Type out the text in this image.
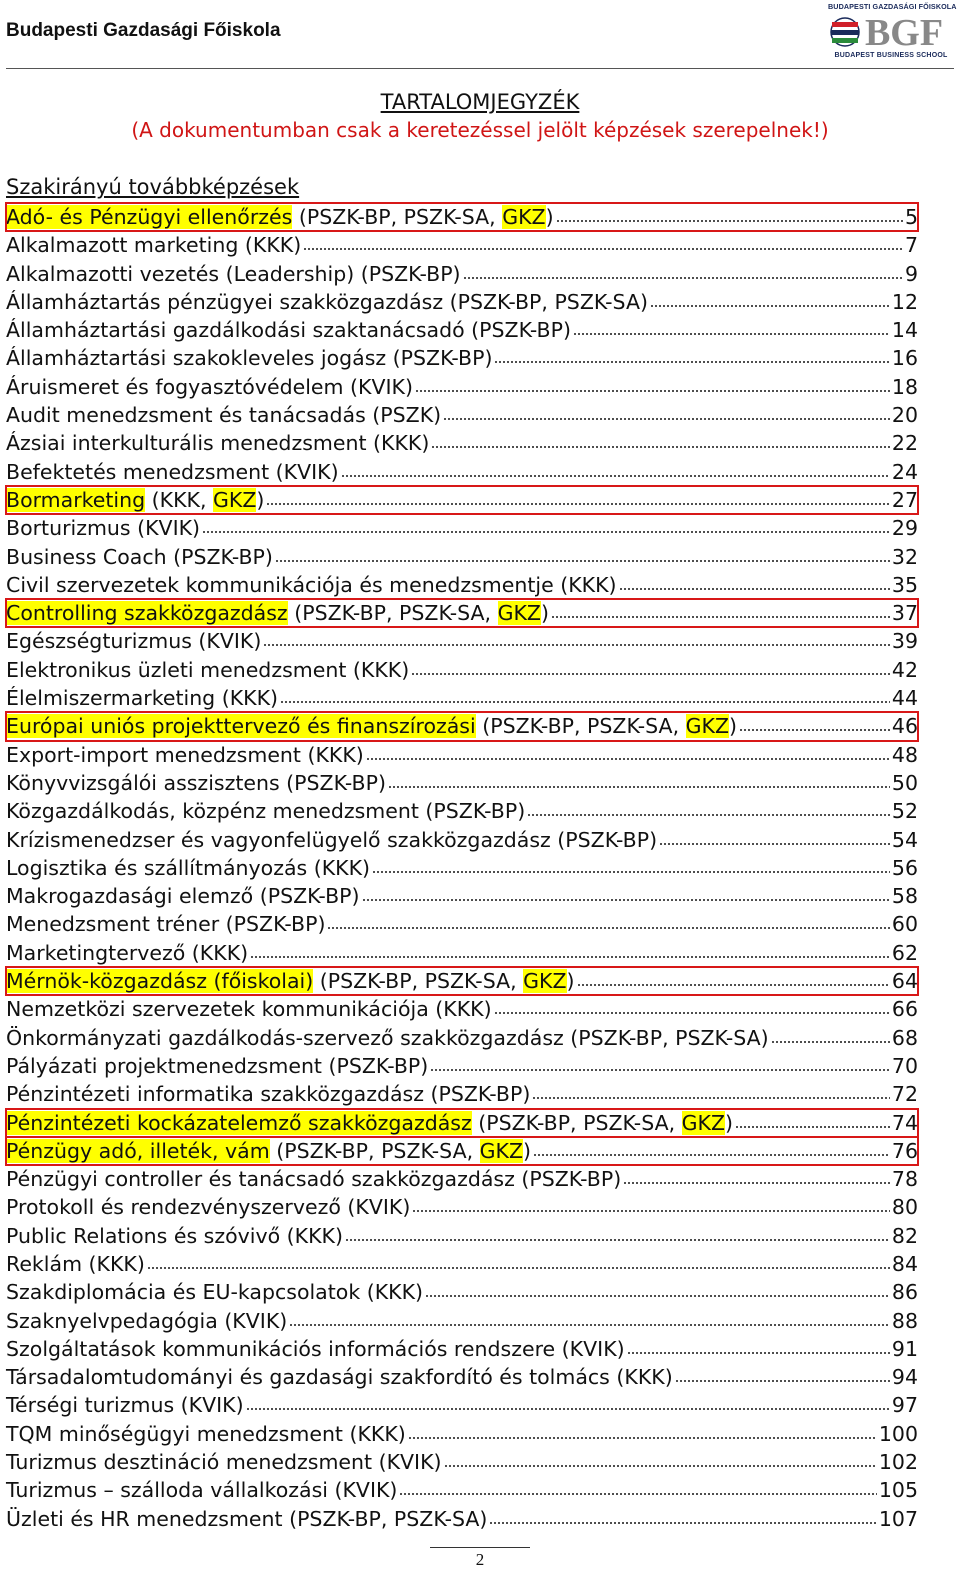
Budapesti Gazdasági Főiskola
BUDAPESTI GAZDASÁGI FŐISKOLA
BGF
BUDAPEST BUSINESS SCHOOL
TARTALOMJEGYZÉK
(A dokumentumban csak a keretezéssel jelölt képzések szerepelnek!)
Szakirányú továbbképzések
Adó- és Pénzügyi ellenőrzés (PSZK-BP, PSZK-SA, GKZ)	5
Alkalmazott marketing (KKK)	7
Alkalmazotti vezetés (Leadership) (PSZK-BP)	9
Államháztartás pénzügyei szakközgazdász (PSZK-BP, PSZK-SA)	12
Államháztartási gazdálkodási szaktanácsadó (PSZK-BP)	14
Államháztartási szakokleveles jogász (PSZK-BP)	16
Áruismeret és fogyasztóvédelem (KVIK)	18
Audit menedzsment és tanácsadás (PSZK)	20
Ázsiai interkulturális menedzsment (KKK)	22
Befektetés menedzsment (KVIK)	24
Bormarketing (KKK, GKZ)	27
Borturizmus (KVIK)	29
Business Coach (PSZK-BP)	32
Civil szervezetek kommunikációja és menedzsmentje (KKK)	35
Controlling szakközgazdász (PSZK-BP, PSZK-SA, GKZ)	37
Egészségturizmus (KVIK)	39
Elektronikus üzleti menedzsment (KKK)	42
Élelmiszermarketing (KKK)	44
Európai uniós projekttervező és finanszírozási (PSZK-BP, PSZK-SA, GKZ)	46
Export-import menedzsment (KKK)	48
Könyvvizsgálói asszisztens (PSZK-BP)	50
Közgazdálkodás, közpénz menedzsment (PSZK-BP)	52
Krízismenedzser és vagyonfelügyelő szakközgazdász (PSZK-BP)	54
Logisztika és szállítmányozás (KKK)	56
Makrogazdasági elemző (PSZK-BP)	58
Menedzsment tréner (PSZK-BP)	60
Marketingtervező (KKK)	62
Mérnök-közgazdász (főiskolai) (PSZK-BP, PSZK-SA, GKZ)	64
Nemzetközi szervezetek kommunikációja (KKK)	66
Önkormányzati gazdálkodás-szervező szakközgazdász (PSZK-BP, PSZK-SA)	68
Pályázati projektmenedzsment (PSZK-BP)	70
Pénzintézeti informatika szakközgazdász (PSZK-BP)	72
Pénzintézeti kockázatelemző szakközgazdász (PSZK-BP, PSZK-SA, GKZ)	74
Pénzügy adó, illeték, vám (PSZK-BP, PSZK-SA, GKZ)	76
Pénzügyi controller és tanácsadó szakközgazdász (PSZK-BP)	78
Protokoll és rendezvényszervező (KVIK)	80
Public Relations és szóvivő (KKK)	82
Reklám (KKK)	84
Szakdiplomácia és EU-kapcsolatok (KKK)	86
Szaknyelvpedagógia (KVIK)	88
Szolgáltatások kommunikációs információs rendszere (KVIK)	91
Társadalomtudományi és gazdasági szakfordító és tolmács (KKK)	94
Térségi turizmus (KVIK)	97
TQM minőségügyi menedzsment (KKK)	100
Turizmus desztináció menedzsment (KVIK)	102
Turizmus – szálloda vállalkozási (KVIK)	105
Üzleti és HR menedzsment (PSZK-BP, PSZK-SA)	107
2
